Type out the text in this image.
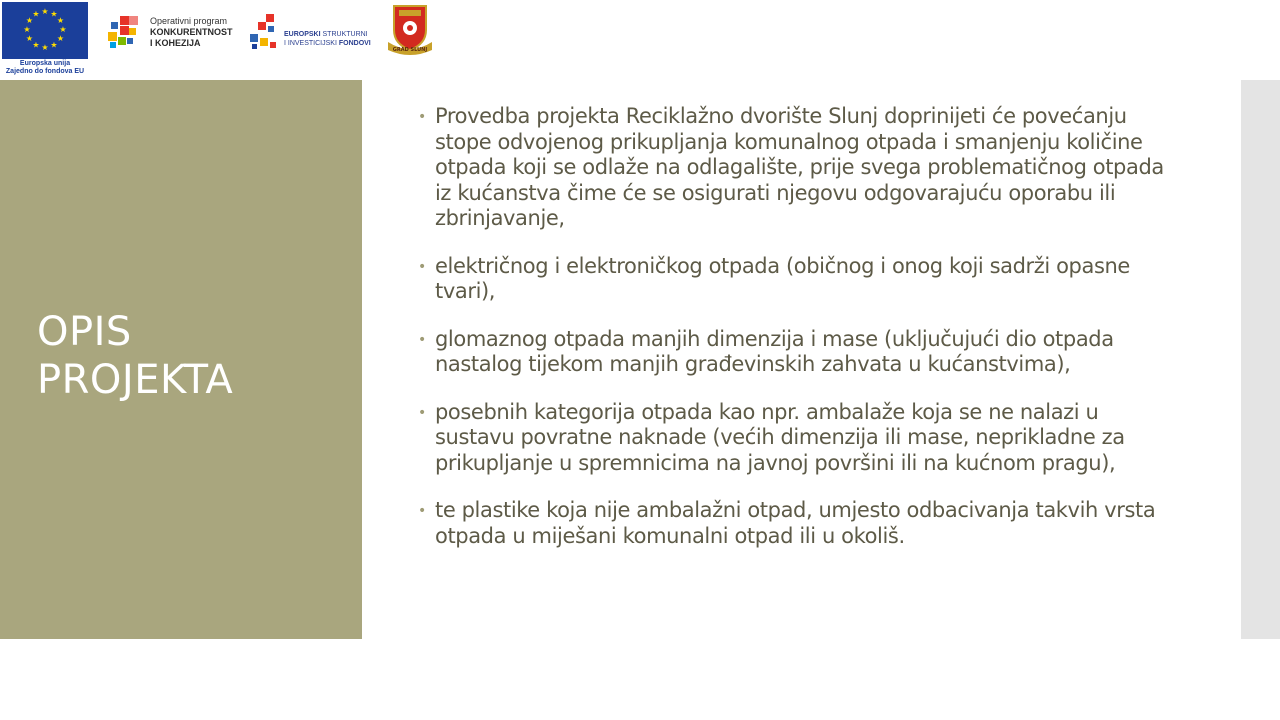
★ ★
★
★
★
★
★
★
★
★
★
★
Europska unija
Zajedno do fondova EU
Operativni program
KONKURENTNOST
I KOHEZIJA
EUROPSKI STRUKTURNI
I INVESTICIJSKI FONDOVI
GRAD SLUNJ
OPIS
PROJEKTA
• Provedba projekta Reciklažno dvorište Slunj doprinijeti će povećanju stope odvojenog prikupljanja komunalnog otpada i smanjenju količine otpada koji se odlaže na odlagalište, prije svega problematičnog otpada iz kućanstva čime će se osigurati njegovu odgovarajuću oporabu ili zbrinjavanje,
• električnog i elektroničkog otpada (običnog i onog koji sadrži opasne tvari),
• glomaznog otpada manjih dimenzija i mase (uključujući dio otpada nastalog tijekom manjih građevinskih zahvata u kućanstvima),
• posebnih kategorija otpada kao npr. ambalaže koja se ne nalazi u sustavu povratne naknade (većih dimenzija ili mase, neprikladne za prikupljanje u spremnicima na javnoj površini ili na kućnom pragu),
• te plastike koja nije ambalažni otpad, umjesto odbacivanja takvih vrsta otpada u miješani komunalni otpad ili u okoliš.
